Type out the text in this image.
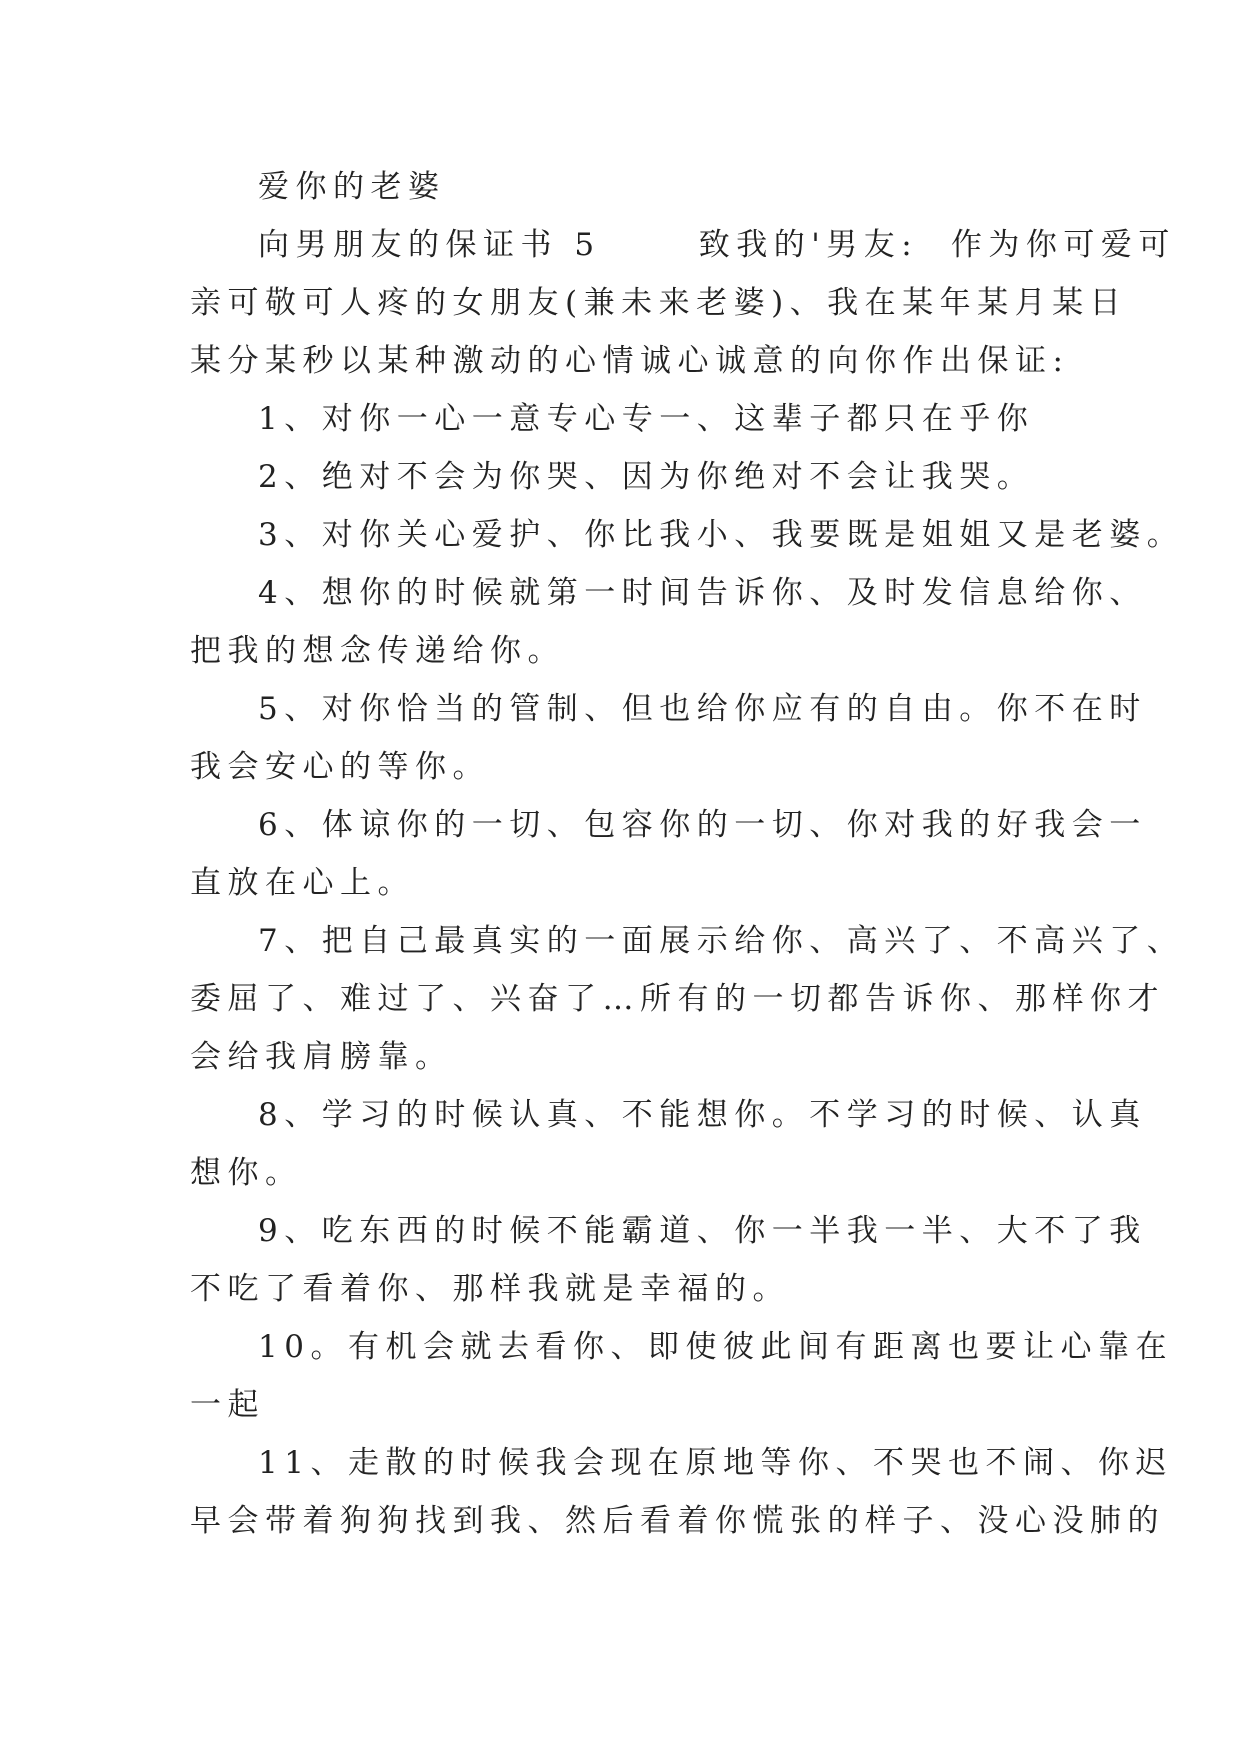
爱你的老婆
向男朋友的保证书 5      致我的'男友:  作为你可爱可
亲可敬可人疼的女朋友(兼未来老婆)、我在某年某月某日
某分某秒以某种激动的心情诚心诚意的向你作出保证:
1、对你一心一意专心专一、这辈子都只在乎你
2、绝对不会为你哭、因为你绝对不会让我哭。
3、对你关心爱护、你比我小、我要既是姐姐又是老婆。
4、想你的时候就第一时间告诉你、及时发信息给你、
把我的想念传递给你。
5、对你恰当的管制、但也给你应有的自由。你不在时
我会安心的等你。
6、体谅你的一切、包容你的一切、你对我的好我会一
直放在心上。
7、把自己最真实的一面展示给你、高兴了、不高兴了、
委屈了、难过了、兴奋了…所有的一切都告诉你、那样你才
会给我肩膀靠。
8、学习的时候认真、不能想你。不学习的时候、认真
想你。
9、吃东西的时候不能霸道、你一半我一半、大不了我
不吃了看着你、那样我就是幸福的。
10。有机会就去看你、即使彼此间有距离也要让心靠在
一起
11、走散的时候我会现在原地等你、不哭也不闹、你迟
早会带着狗狗找到我、然后看着你慌张的样子、没心没肺的
